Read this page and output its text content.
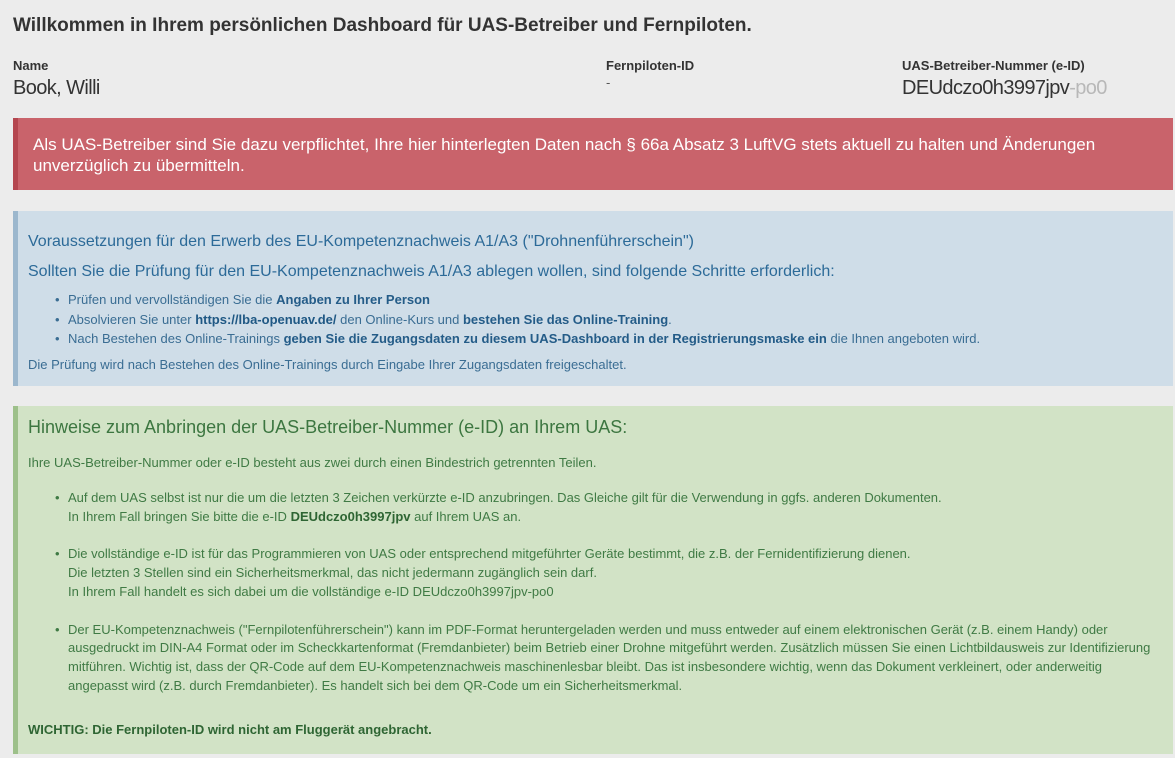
Willkommen in Ihrem persönlichen Dashboard für UAS-Betreiber und Fernpiloten.
Name
Book, Willi
Fernpiloten-ID
-
UAS-Betreiber-Nummer (e-ID)
DEUdczo0h3997jpv-po0
Als UAS-Betreiber sind Sie dazu verpflichtet, Ihre hier hinterlegten Daten nach § 66a Absatz 3 LuftVG stets aktuell zu halten und Änderungen unverzüglich zu übermitteln.
Voraussetzungen für den Erwerb des EU-Kompetenznachweis A1/A3 ("Drohnenführerschein")
Sollten Sie die Prüfung für den EU-Kompetenznachweis A1/A3 ablegen wollen, sind folgende Schritte erforderlich:
• Prüfen und vervollständigen Sie die Angaben zu Ihrer Person
• Absolvieren Sie unter https://lba-openuav.de/ den Online-Kurs und bestehen Sie das Online-Training.
• Nach Bestehen des Online-Trainings geben Sie die Zugangsdaten zu diesem UAS-Dashboard in der Registrierungsmaske ein die Ihnen angeboten wird.
Die Prüfung wird nach Bestehen des Online-Trainings durch Eingabe Ihrer Zugangsdaten freigeschaltet.
Hinweise zum Anbringen der UAS-Betreiber-Nummer (e-ID) an Ihrem UAS:
Ihre UAS-Betreiber-Nummer oder e-ID besteht aus zwei durch einen Bindestrich getrennten Teilen.
• Auf dem UAS selbst ist nur die um die letzten 3 Zeichen verkürzte e-ID anzubringen. Das Gleiche gilt für die Verwendung in ggfs. anderen Dokumenten.
In Ihrem Fall bringen Sie bitte die e-ID DEUdczo0h3997jpv auf Ihrem UAS an.
• Die vollständige e-ID ist für das Programmieren von UAS oder entsprechend mitgeführter Geräte bestimmt, die z.B. der Fernidentifizierung dienen.
Die letzten 3 Stellen sind ein Sicherheitsmerkmal, das nicht jedermann zugänglich sein darf.
In Ihrem Fall handelt es sich dabei um die vollständige e-ID DEUdczo0h3997jpv-po0
• Der EU-Kompetenznachweis ("Fernpilotenführerschein") kann im PDF-Format heruntergeladen werden und muss entweder auf einem elektronischen Gerät (z.B. einem Handy) oder ausgedruckt im DIN-A4 Format oder im Scheckkartenformat (Fremdanbieter) beim Betrieb einer Drohne mitgeführt werden. Zusätzlich müssen Sie einen Lichtbildausweis zur Identifizierung mitführen. Wichtig ist, dass der QR-Code auf dem EU-Kompetenznachweis maschinenlesbar bleibt. Das ist insbesondere wichtig, wenn das Dokument verkleinert, oder anderweitig angepasst wird (z.B. durch Fremdanbieter). Es handelt sich bei dem QR-Code um ein Sicherheitsmerkmal.
WICHTIG: Die Fernpiloten-ID wird nicht am Fluggerät angebracht.
